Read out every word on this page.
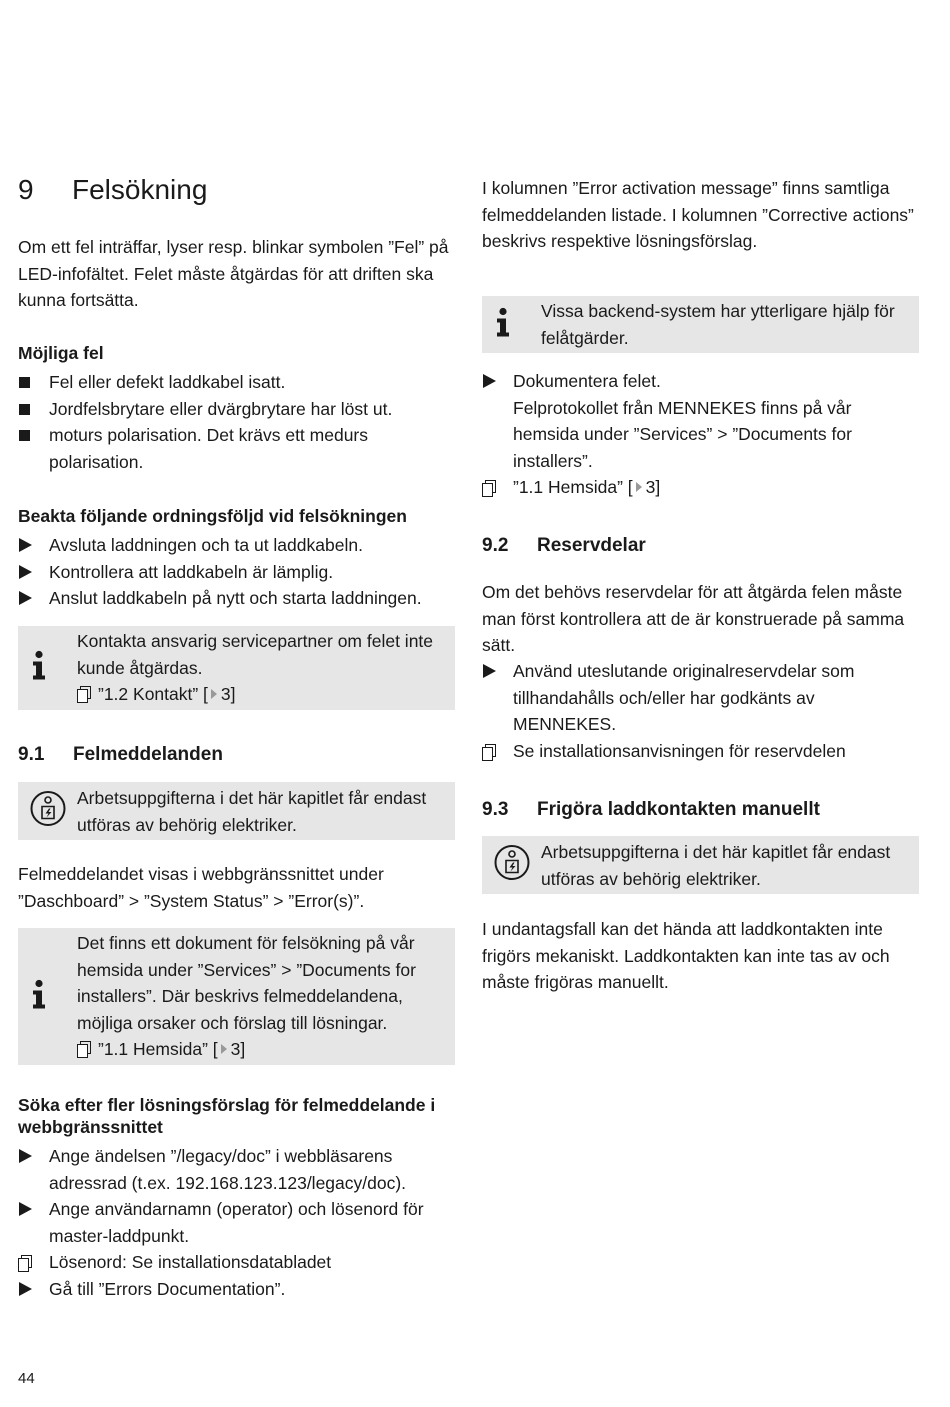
9 Felsökning

Om ett fel inträffar, lyser resp. blinkar symbolen ”Fel” på LED-infofältet. Felet måste åtgärdas för att driften ska kunna fortsätta.

Möjliga fel
Fel eller defekt laddkabel isatt.
Jordfelsbrytare eller dvärgbrytare har löst ut.
moturs polarisation. Det krävs ett medurs polarisation.
Beakta följande ordningsföljd vid felsökningen
Avsluta laddningen och ta ut laddkabeln.
Kontrollera att laddkabeln är lämplig.
Anslut laddkabeln på nytt och starta laddningen.

Kontakta ansvarig servicepartner om felet inte kunde åtgärdas.

”1.2 Kontakt” [ 3]

9.1 Felmeddelanden

Arbetsuppgifterna i det här kapitlet får endast utföras av behörig elektriker.

Felmeddelandet visas i webbgränssnittet under ”Daschboard” > ”System Status” > ”Error(s)”.

Det finns ett dokument för felsökning på vår hemsida under ”Services” > ”Documents for installers”. Där beskrivs felmeddelandena, möjliga orsaker och förslag till lösningar.

”1.1 Hemsida” [ 3]

Söka efter fler lösningsförslag för felmeddelande i webbgränssnittet
Ange ändelsen ”/legacy/doc” i webbläsarens adressrad (t.ex. 192.168.123.123/legacy/doc).
Ange användarnamn (operator) och lösenord för master-laddpunkt.
Lösenord: Se installationsdatabladet
Gå till ”Errors Documentation”.

I kolumnen ”Error activation message” finns samtliga felmeddelanden listade. I kolumnen ”Corrective actions” beskrivs respektive lösningsförslag.

Vissa backend-system har ytterligare hjälp för felåtgärder.

Dokumentera felet.
Felprotokollet från MENNEKES finns på vår hemsida under ”Services” > ”Documents for installers”.
”1.1 Hemsida” [ 3]
9.2 Reservdelar

Om det behövs reservdelar för att åtgärda felen måste man först kontrollera att de är konstruerade på samma sätt.

Använd uteslutande originalreservdelar som tillhandahålls och/eller har godkänts av MENNEKES.
Se installationsanvisningen för reservdelen
9.3 Frigöra laddkontakten manuellt

Arbetsuppgifterna i det här kapitlet får endast utföras av behörig elektriker.

I undantagsfall kan det hända att laddkontakten inte frigörs mekaniskt. Laddkontakten kan inte tas av och måste frigöras manuellt.

44
